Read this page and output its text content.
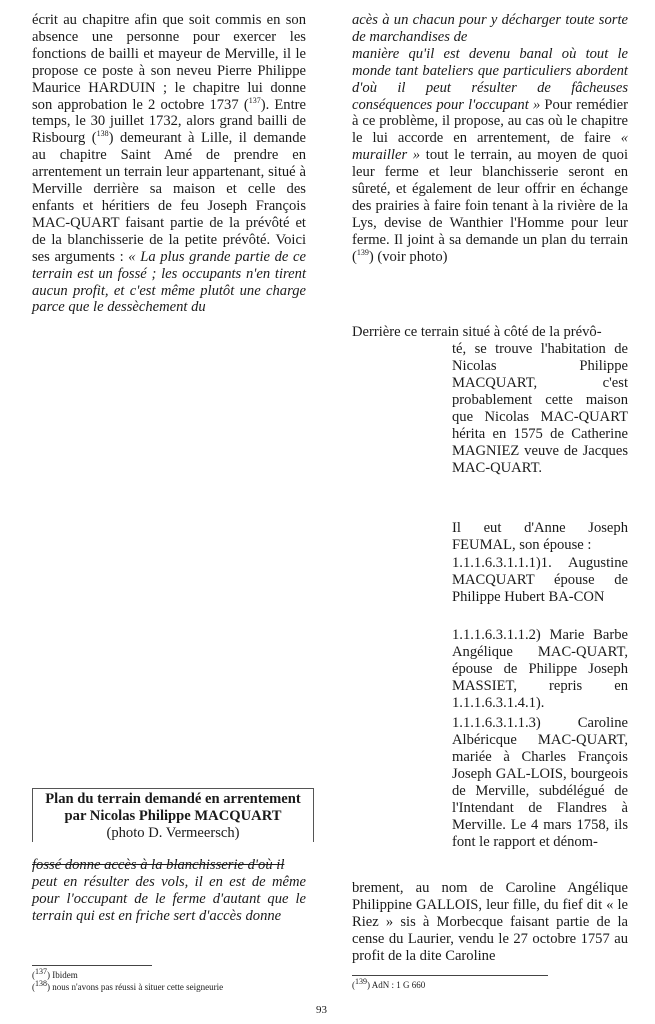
écrit au chapitre afin que soit commis en son absence une personne pour exercer les fonctions de bailli et mayeur de Merville, il le propose ce poste à son neveu Pierre Philippe Maurice HARDUIN ; le chapitre lui donne son approbation le 2 octobre 1737 ($^{137}$). Entre temps, le 30 juillet 1732, alors grand bailli de Risbourg ($^{138}$) demeurant à Lille, il demande au chapitre Saint Amé de prendre en arrentement un terrain leur appartenant, situé à Merville derrière sa maison et celle des enfants et héritiers de feu Joseph François MAC-QUART faisant partie de la prévôté et de la blanchisserie de la petite prévôté. Voici ses arguments : « La plus grande partie de ce terrain est un fossé ; les occupants n'en tirent aucun profit, et c'est même plutôt une charge parce que le dessèchement du

Plan du terrain demandé en arrentement par Nicolas Philippe MACQUART
(photo D. Vermeersch)
fossé donne accès à la blanchisserie d'où il
peut en résulter des vols, il en est de même pour l'occupant de le ferme d'autant que le terrain qui est en friche sert d'accès donne

acès à un chacun pour y décharger toute sorte de marchandises de

manière qu'il est devenu banal où tout le monde tant bateliers que particuliers abordent d'où il peut résulter de fâcheuses conséquences pour l'occupant » Pour remédier à ce problème, il propose, au cas où le chapitre le lui accorde en arrentement, de faire « murailler » tout le terrain, au moyen de quoi leur ferme et leur blanchisserie seront en sûreté, et également de leur offrir en échange des prairies à faire foin tenant à la rivière de la Lys, devise de Wanthier l'Homme pour leur ferme. Il joint à sa demande un plan du terrain ($^{139}$) (voir photo)

Derrière ce terrain situé à côté de la prévô-
té, se trouve l'habitation de Nicolas Philippe MACQUART, c'est probablement cette maison que Nicolas MAC-QUART hérita en 1575 de Catherine MAGNIEZ veuve de Jacques MAC-QUART.
Il eut d'Anne Joseph FEUMAL, son épouse :
1.1.1.6.3.1.1.1)1. Augustine MACQUART épouse de Philippe Hubert BA-CON
1.1.1.6.3.1.1.2) Marie Barbe Angélique MAC-QUART, épouse de Philippe Joseph MASSIET, repris en 1.1.1.6.3.1.4.1).
1.1.1.6.3.1.1.3) Caroline Albéricque MAC-QUART, mariée à Charles François Joseph GAL-LOIS, bourgeois de Merville, subdélégué de l'Intendant de Flandres à Merville. Le 4 mars 1758, ils font le rapport et dénom-
brement, au nom de Caroline Angélique Philippine GALLOIS, leur fille, du fief dit « le Riez » sis à Morbecque faisant partie de la cense du Laurier, vendu le 27 octobre 1757 au profit de la dite Caroline
($^{137}$) Ibidem
($^{138}$) nous n'avons pas réussi à situer cette seigneurie	($^{139}$) AdN : 1 G 660
93
